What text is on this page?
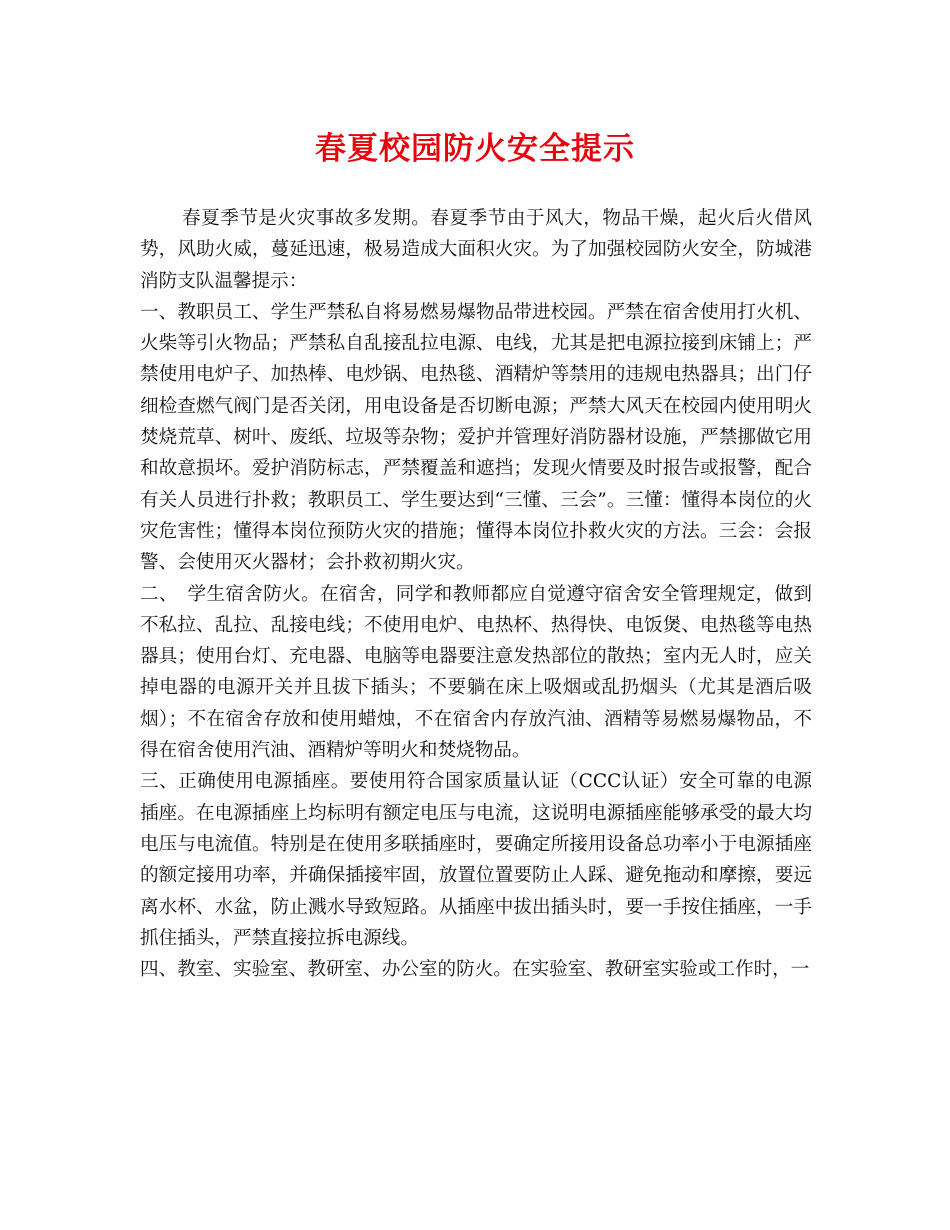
春夏校园防火安全提示

春夏季节是火灾事故多发期。春夏季节由于风大，物品干燥，起火后火借风势，风助火威，蔓延迅速，极易造成大面积火灾。为了加强校园防火安全，防城港消防支队温馨提示：

一、教职员工、学生严禁私自将易燃易爆物品带进校园。严禁在宿舍使用打火机、火柴等引火物品；严禁私自乱接乱拉电源、电线，尤其是把电源拉接到床铺上；严禁使用电炉子、加热棒、电炒锅、电热毯、酒精炉等禁用的违规电热器具；出门仔细检查燃气阀门是否关闭，用电设备是否切断电源；严禁大风天在校园内使用明火焚烧荒草、树叶、废纸、垃圾等杂物；爱护并管理好消防器材设施，严禁挪做它用和故意损坏。爱护消防标志，严禁覆盖和遮挡；发现火情要及时报告或报警，配合有关人员进行扑救；教职员工、学生要达到“三懂、三会”。三懂：懂得本岗位的火灾危害性；懂得本岗位预防火灾的措施；懂得本岗位扑救火灾的方法。三会：会报警、会使用灭火器材；会扑救初期火灾。

二、　学生宿舍防火。在宿舍，同学和教师都应自觉遵守宿舍安全管理规定，做到不私拉、乱拉、乱接电线；不使用电炉、电热杯、热得快、电饭煲、电热毯等电热器具；使用台灯、充电器、电脑等电器要注意发热部位的散热；室内无人时，应关掉电器的电源开关并且拔下插头；不要躺在床上吸烟或乱扔烟头（尤其是酒后吸烟）；不在宿舍存放和使用蜡烛，不在宿舍内存放汽油、酒精等易燃易爆物品，不得在宿舍使用汽油、酒精炉等明火和焚烧物品。

三、正确使用电源插座。要使用符合国家质量认证（CCC认证）安全可靠的电源插座。在电源插座上均标明有额定电压与电流，这说明电源插座能够承受的最大均电压与电流值。特别是在使用多联插座时，要确定所接用设备总功率小于电源插座的额定接用功率，并确保插接牢固，放置位置要防止人踩、避免拖动和摩擦，要远离水杯、水盆，防止溅水导致短路。从插座中拔出插头时，要一手按住插座，一手抓住插头，严禁直接拉拆电源线。

四、教室、实验室、教研室、办公室的防火。在实验室、教研室实验或工作时，一
